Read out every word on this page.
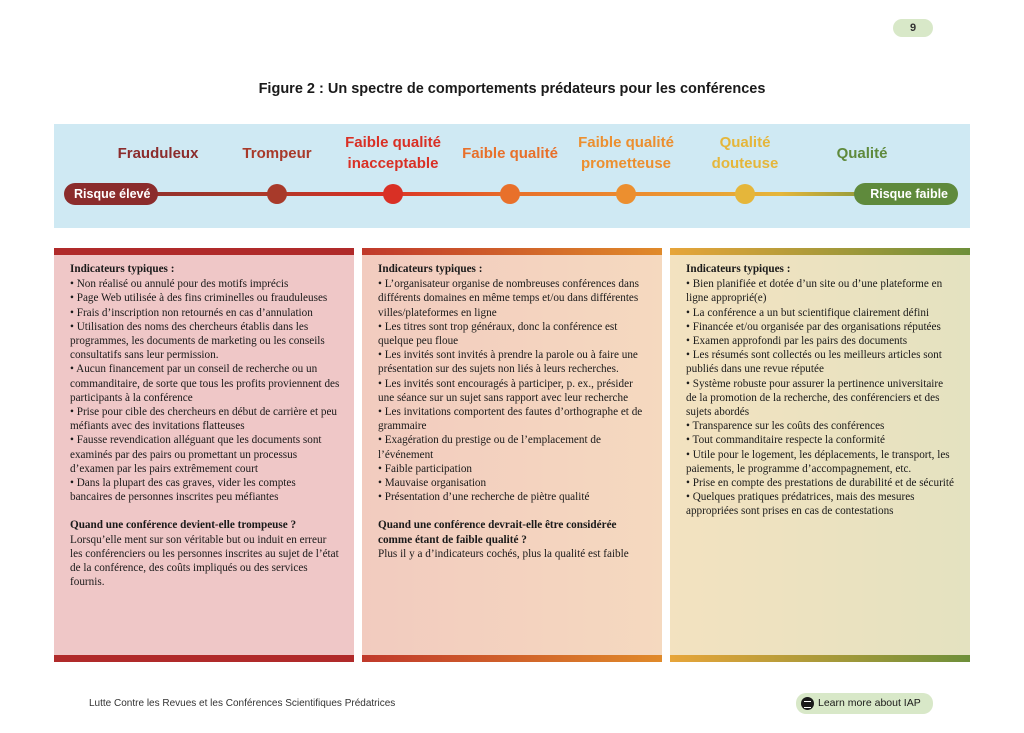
9
Figure 2 : Un spectre de comportements prédateurs pour les conférences
Frauduleux	Trompeur
Faible qualité
inacceptable
Faible qualité
Faible qualité
prometteuse
Qualité
douteuse
Qualité
Risque élevé	Risque faible
Indicateurs typiques :
• Non réalisé ou annulé pour des motifs imprécis
• Page Web utilisée à des fins criminelles ou frauduleuses
• Frais d’inscription non retournés en cas d’annulation
• Utilisation des noms des chercheurs établis dans les programmes, les documents de marketing ou les conseils consultatifs sans leur permission.
• Aucun financement par un conseil de recherche ou un commanditaire, de sorte que tous les profits proviennent des participants à la conférence
• Prise pour cible des chercheurs en début de carrière et peu méfiants avec des invitations flatteuses
• Fausse revendication alléguant que les documents sont examinés par des pairs ou promettant un processus d’examen par les pairs extrêmement court
• Dans la plupart des cas graves, vider les comptes bancaires de personnes inscrites peu méfiantes
Quand une conférence devient-elle trompeuse ?
Lorsqu’elle ment sur son véritable but ou induit en erreur les conférenciers ou les personnes inscrites au sujet de l’état de la conférence, des coûts impliqués ou des services fournis.
Indicateurs typiques :
• L’organisateur organise de nombreuses conférences dans différents domaines en même temps et/ou dans différentes villes/plateformes en ligne
• Les titres sont trop généraux, donc la conférence est quelque peu floue
• Les invités sont invités à prendre la parole ou à faire une présentation sur des sujets non liés à leurs recherches.
• Les invités sont encouragés à participer, p. ex., présider une séance sur un sujet sans rapport avec leur recherche
• Les invitations comportent des fautes d’orthographe et de grammaire
• Exagération du prestige ou de l’emplacement de l’événement
• Faible participation
• Mauvaise organisation
• Présentation d’une recherche de piètre qualité
Quand une conférence devrait-elle être considérée comme étant de faible qualité ?
Plus il y a d’indicateurs cochés, plus la qualité est faible
Indicateurs typiques :
• Bien planifiée et dotée d’un site ou d’une plateforme en ligne approprié(e)
• La conférence a un but scientifique clairement défini
• Financée et/ou organisée par des organisations réputées
• Examen approfondi par les pairs des documents
• Les résumés sont collectés ou les meilleurs articles sont publiés dans une revue réputée
• Système robuste pour assurer la pertinence universitaire de la promotion de la recherche, des conférenciers et des sujets abordés
• Transparence sur les coûts des conférences
• Tout commanditaire respecte la conformité
• Utile pour le logement, les déplacements, le transport, les paiements, le programme d’accompagnement, etc.
• Prise en compte des prestations de durabilité et de sécurité
• Quelques pratiques prédatrices, mais des mesures appropriées sont prises en cas de contestations
Lutte Contre les Revues et les Conférences Scientifiques Prédatrices	Learn more about IAP
